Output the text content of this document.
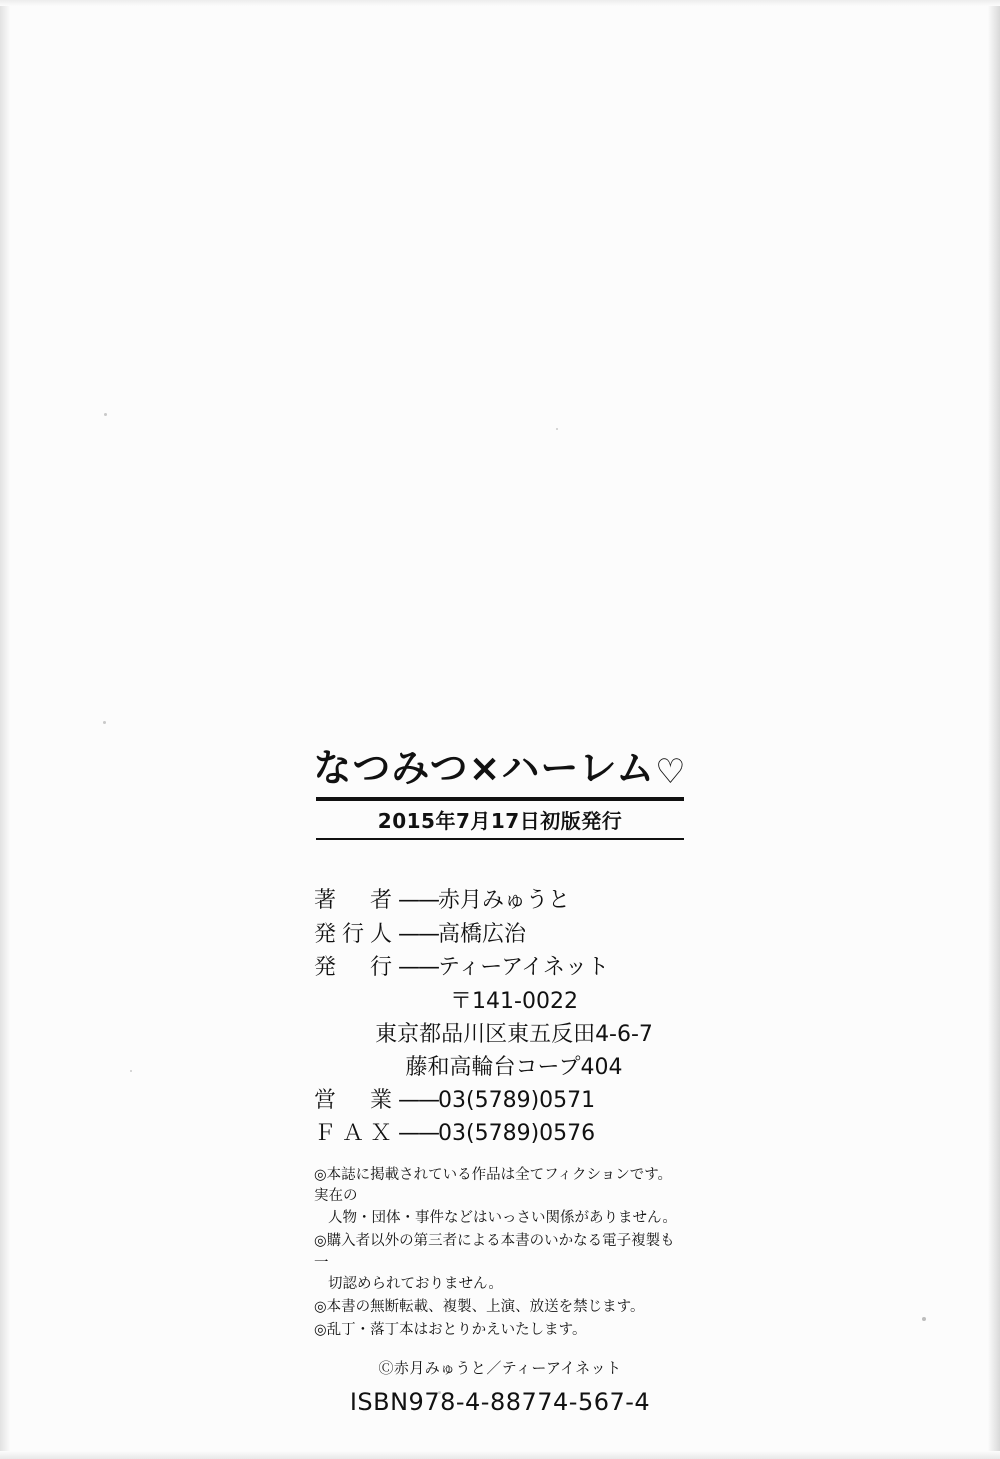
なつみつ×ハーレム♡
2015年7月17日初版発行
著　者——赤月みゅうと
発行人——高橋広治
発　行——ティーアイネット
〒141-0022
東京都品川区東五反田4-6-7
藤和高輪台コープ404
営　業——03(5789)0571
ＦＡＸ——03(5789)0576
◎本誌に掲載されている作品は全てフィクションです。実在の
人物・団体・事件などはいっさい関係がありません。
◎購入者以外の第三者による本書のいかなる電子複製も一
切認められておりません。
◎本書の無断転載、複製、上演、放送を禁じます。
◎乱丁・落丁本はおとりかえいたします。
Ⓒ赤月みゅうと／ティーアイネット
ISBN978-4-88774-567-4
